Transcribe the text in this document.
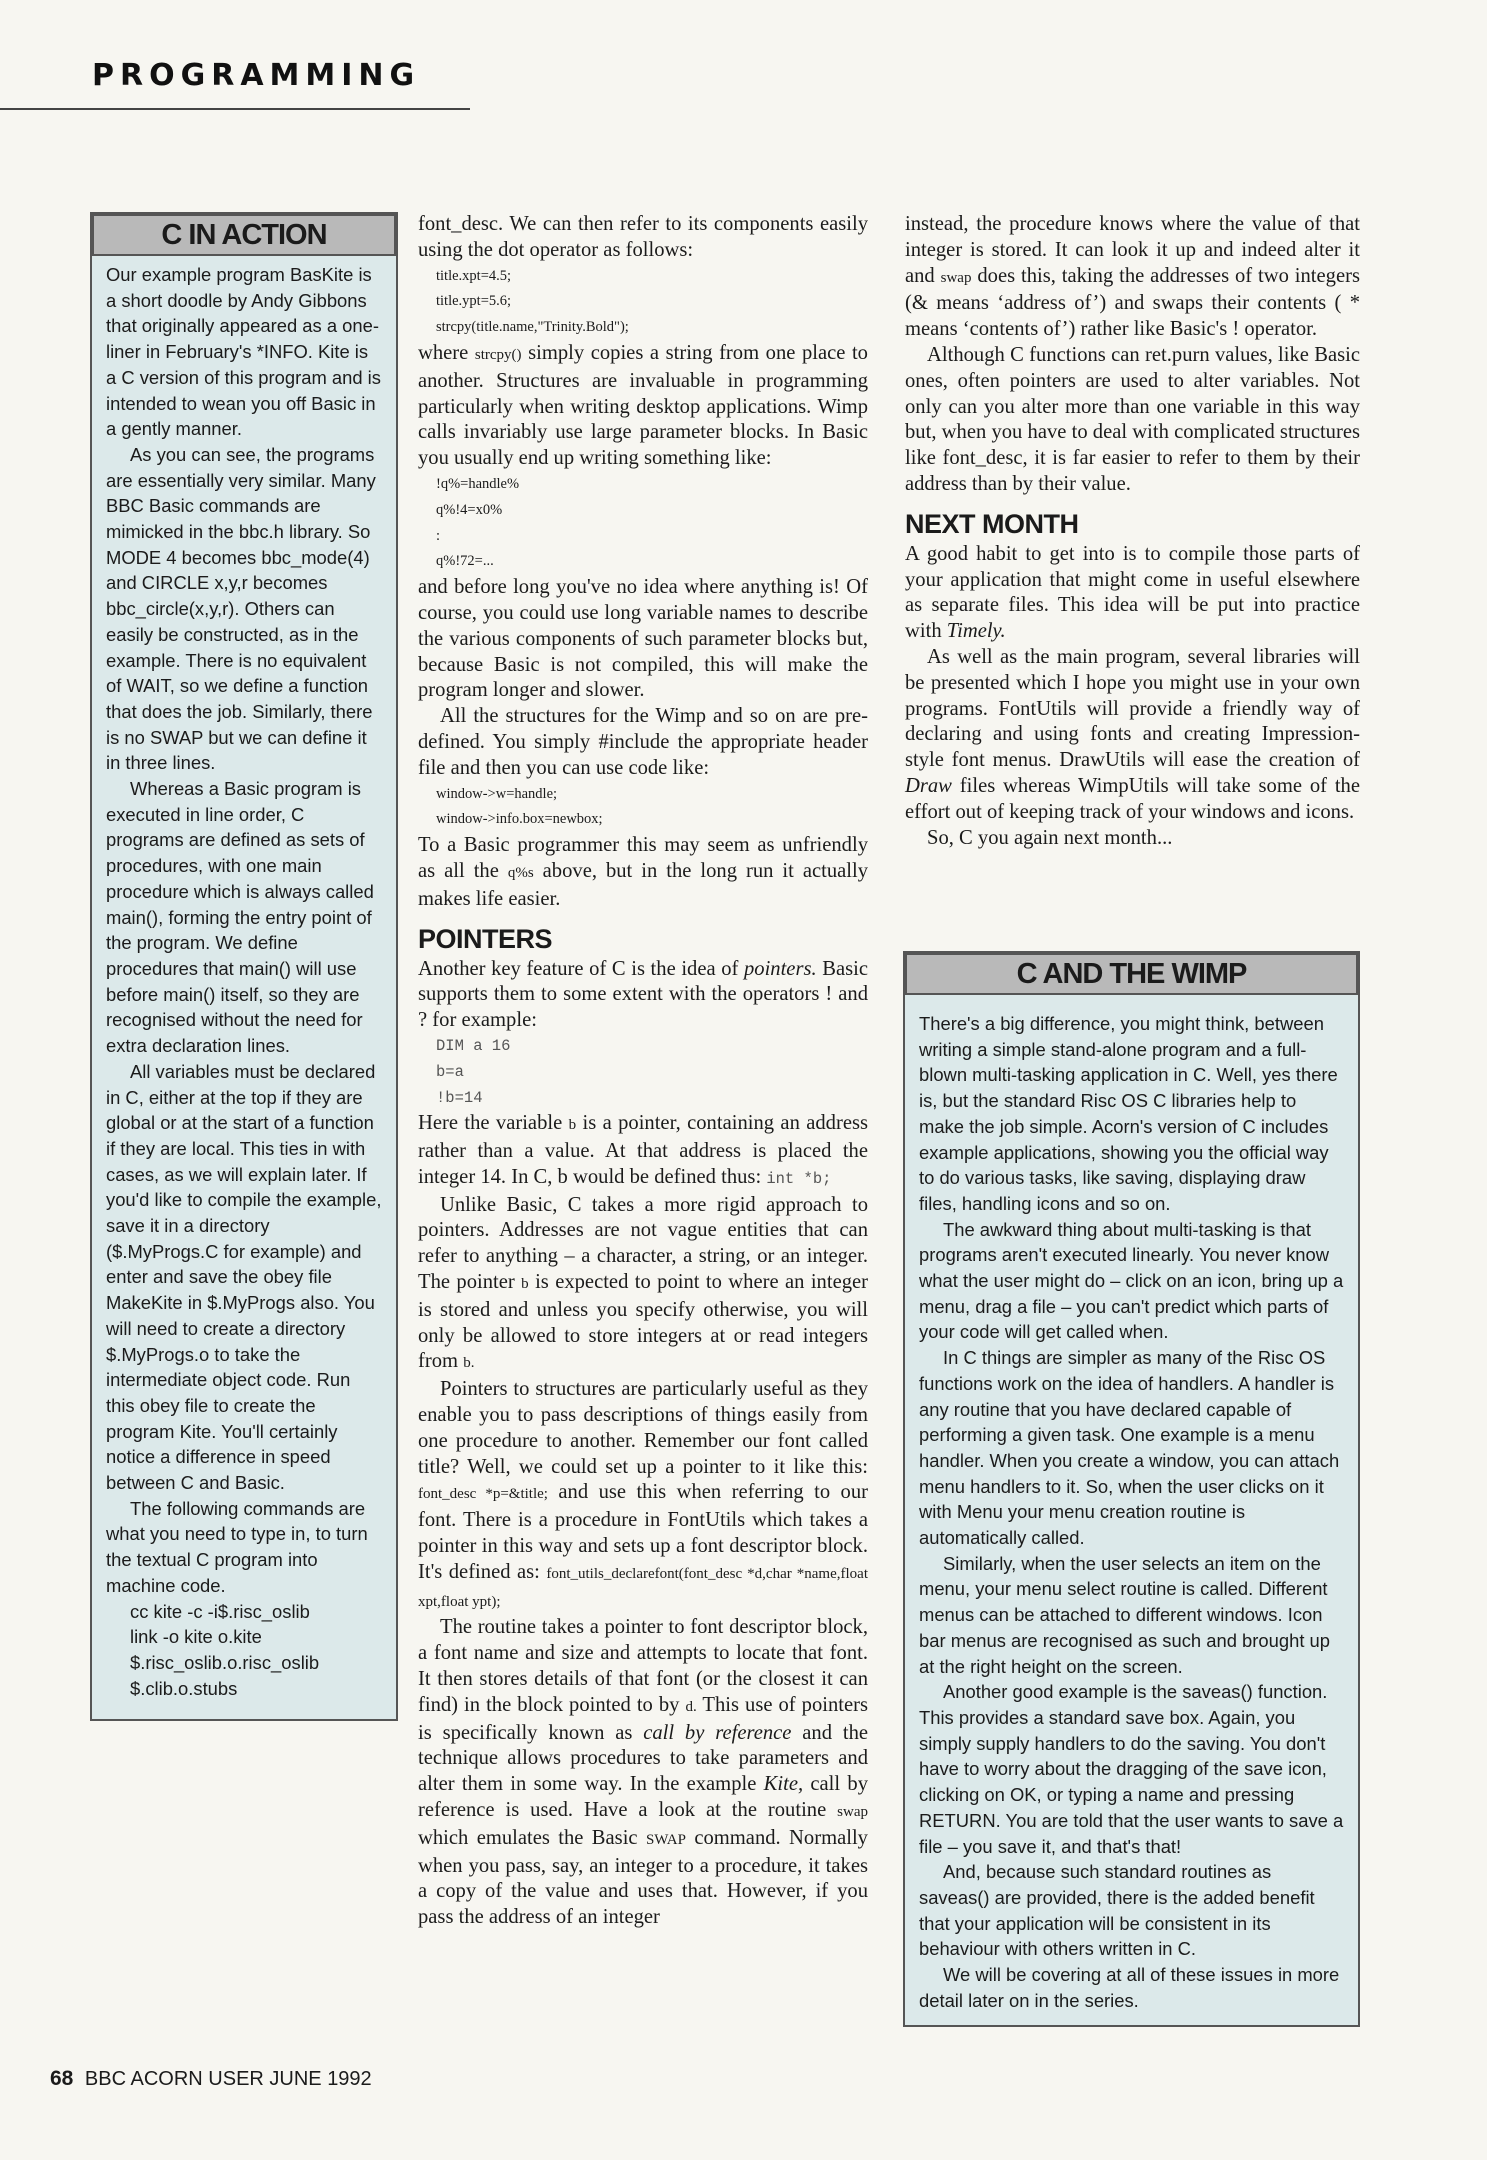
PROGRAMMING
C IN ACTION

Our example program BasKite is a short doodle by Andy Gibbons that originally appeared as a one-liner in February's *INFO. Kite is a C version of this program and is intended to wean you off Basic in a gently manner.

As you can see, the programs are essentially very similar. Many BBC Basic commands are mimicked in the bbc.h library. So MODE 4 becomes bbc_mode(4) and CIRCLE x,y,r becomes bbc_circle(x,y,r). Others can easily be constructed, as in the example. There is no equivalent of WAIT, so we define a function that does the job. Similarly, there is no SWAP but we can define it in three lines.

Whereas a Basic program is executed in line order, C programs are defined as sets of procedures, with one main procedure which is always called main(), forming the entry point of the program. We define procedures that main() will use before main() itself, so they are recognised without the need for extra declaration lines.

All variables must be declared in C, either at the top if they are global or at the start of a function if they are local. This ties in with cases, as we will explain later. If you'd like to compile the example, save it in a directory ($.MyProgs.C for example) and enter and save the obey file MakeKite in $.MyProgs also. You will need to create a directory $.MyProgs.o to take the intermediate object code. Run this obey file to create the program Kite. You'll certainly notice a difference in speed between C and Basic.

The following commands are what you need to type in, to turn the textual C program into machine code.

cc kite -c -i$.risc_oslib
link -o kite o.kite
$.risc_oslib.o.risc_oslib
$.clib.o.stubs

font_desc. We can then refer to its components easily using the dot operator as follows:

title.xpt=4.5;
title.ypt=5.6;
strcpy(title.name,"Trinity.Bold");

where strcpy() simply copies a string from one place to another. Structures are invaluable in programming particularly when writing desktop applications. Wimp calls invariably use large parameter blocks. In Basic you usually end up writing something like:

!q%=handle%
q%!4=x0%
:
q%!72=...

and before long you've no idea where anything is! Of course, you could use long variable names to describe the various components of such parameter blocks but, because Basic is not compiled, this will make the program longer and slower.

All the structures for the Wimp and so on are pre-defined. You simply #include the appropriate header file and then you can use code like:

window->w=handle;
window->info.box=newbox;

To a Basic programmer this may seem as unfriendly as all the q%s above, but in the long run it actually makes life easier.

POINTERS

Another key feature of C is the idea of pointers. Basic supports them to some extent with the operators ! and ? for example:

DIM a 16
b=a
!b=14

Here the variable b is a pointer, containing an address rather than a value. At that address is placed the integer 14. In C, b would be defined thus: int *b;

Unlike Basic, C takes a more rigid approach to pointers. Addresses are not vague entities that can refer to anything – a character, a string, or an integer. The pointer b is expected to point to where an integer is stored and unless you specify otherwise, you will only be allowed to store integers at or read integers from b.

Pointers to structures are particularly useful as they enable you to pass descriptions of things easily from one procedure to another. Remember our font called title? Well, we could set up a pointer to it like this: font_desc *p=&title; and use this when referring to our font. There is a procedure in FontUtils which takes a pointer in this way and sets up a font descriptor block. It's defined as: font_utils_declarefont(font_desc *d,char *name,float xpt,float ypt);

The routine takes a pointer to font descriptor block, a font name and size and attempts to locate that font. It then stores details of that font (or the closest it can find) in the block pointed to by d. This use of pointers is specifically known as call by reference and the technique allows procedures to take parameters and alter them in some way. In the example Kite, call by reference is used. Have a look at the routine swap which emulates the Basic SWAP command. Normally when you pass, say, an integer to a procedure, it takes a copy of the value and uses that. However, if you pass the address of an integer

instead, the procedure knows where the value of that integer is stored. It can look it up and indeed alter it and swap does this, taking the addresses of two integers (& means ‘address of’) and swaps their contents ( * means ‘contents of’) rather like Basic's ! operator.

Although C functions can ret.purn values, like Basic ones, often pointers are used to alter variables. Not only can you alter more than one variable in this way but, when you have to deal with complicated structures like font_desc, it is far easier to refer to them by their address than by their value.

NEXT MONTH

A good habit to get into is to compile those parts of your application that might come in useful elsewhere as separate files. This idea will be put into practice with Timely.

As well as the main program, several libraries will be presented which I hope you might use in your own programs. FontUtils will provide a friendly way of declaring and using fonts and creating Impression-style font menus. DrawUtils will ease the creation of Draw files whereas WimpUtils will take some of the effort out of keeping track of your windows and icons.

So, C you again next month...

C AND THE WIMP

There's a big difference, you might think, between writing a simple stand-alone program and a full-blown multi-tasking application in C. Well, yes there is, but the standard Risc OS C libraries help to make the job simple. Acorn's version of C includes example applications, showing you the official way to do various tasks, like saving, displaying draw files, handling icons and so on.

The awkward thing about multi-tasking is that programs aren't executed linearly. You never know what the user might do – click on an icon, bring up a menu, drag a file – you can't predict which parts of your code will get called when.

In C things are simpler as many of the Risc OS functions work on the idea of handlers. A handler is any routine that you have declared capable of performing a given task. One example is a menu handler. When you create a window, you can attach menu handlers to it. So, when the user clicks on it with Menu your menu creation routine is automatically called.

Similarly, when the user selects an item on the menu, your menu select routine is called. Different menus can be attached to different windows. Icon bar menus are recognised as such and brought up at the right height on the screen.

Another good example is the saveas() function. This provides a standard save box. Again, you simply supply handlers to do the saving. You don't have to worry about the dragging of the save icon, clicking on OK, or typing a name and pressing RETURN. You are told that the user wants to save a file – you save it, and that's that!

And, because such standard routines as saveas() are provided, there is the added benefit that your application will be consistent in its behaviour with others written in C.

We will be covering at all of these issues in more detail later on in the series.

68 BBC ACORN USER JUNE 1992
